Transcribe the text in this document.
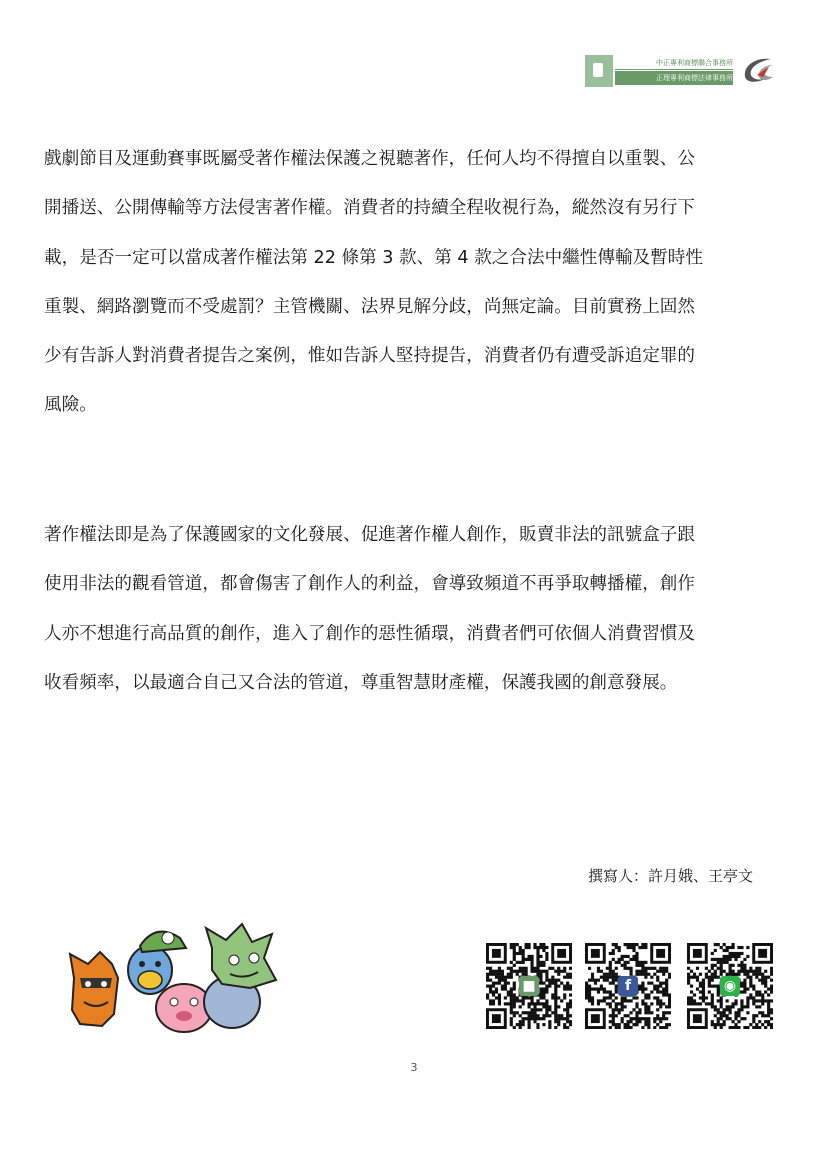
中正專利商標聯合事務所
正理專利商標法律事務所
戲劇節目及運動賽事既屬受著作權法保護之視聽著作，任何人均不得擅自以重製、公
開播送、公開傳輸等方法侵害著作權。消費者的持續全程收視行為，縱然沒有另行下
載，是否一定可以當成著作權法第 22 條第 3 款、第 4 款之合法中繼性傳輸及暫時性
重製、網路瀏覽而不受處罰？主管機關、法界見解分歧，尚無定論。目前實務上固然
少有告訴人對消費者提告之案例，惟如告訴人堅持提告，消費者仍有遭受訴追定罪的
風險。
著作權法即是為了保護國家的文化發展、促進著作權人創作，販賣非法的訊號盒子跟
使用非法的觀看管道，都會傷害了創作人的利益，會導致頻道不再爭取轉播權，創作
人亦不想進行高品質的創作，進入了創作的惡性循環，消費者們可依個人消費習慣及
收看頻率，以最適合自己又合法的管道，尊重智慧財產權，保護我國的創意發展。
撰寫人：許月娥、王亭文
■	f	◉
3
